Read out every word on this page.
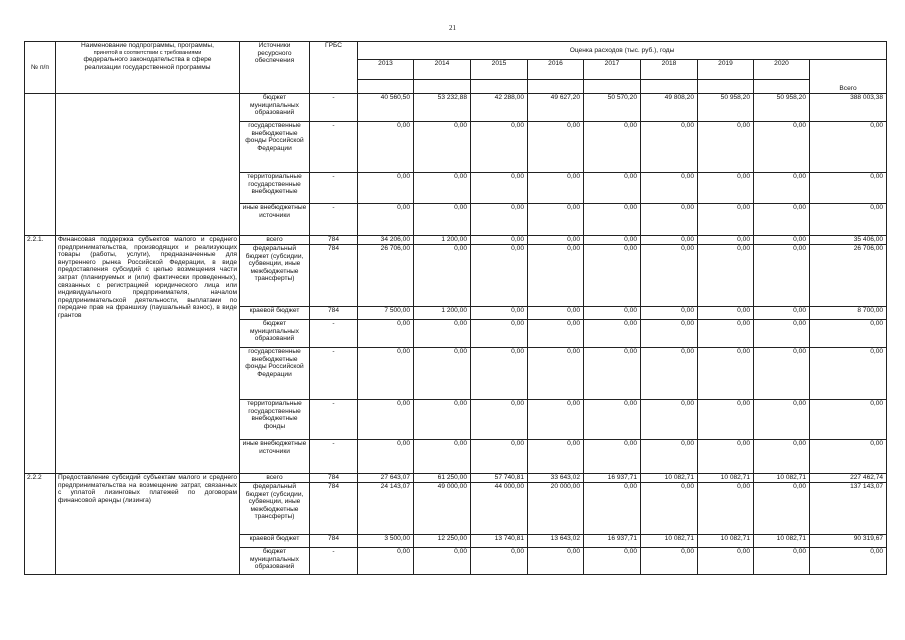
21
№ п/п	Наименование подпрограммы, программы,
принятой в соответствии с требованиями
федерального законодательства в сфере
реализации государственной программы	Источники ресурсного обеспечения	ГРБС	Оценка расходов (тыс. руб.), годы								
				2013	2014	2015	2016	2017	2018	2019	2020	Всего

		бюджет муниципальных образований	-	40 560,50	53 232,88	42 288,00	49 627,20	50 570,20	49 808,20	50 958,20	50 958,20	388 003,38
		государственные внебюджетные фонды Российской Федерации	-	0,00	0,00	0,00	0,00	0,00	0,00	0,00	0,00	0,00
		территориальные государственные внебюджетные	-	0,00	0,00	0,00	0,00	0,00	0,00	0,00	0,00	0,00
		иные внебюджетные источники	-	0,00	0,00	0,00	0,00	0,00	0,00	0,00	0,00	0,00
2.2.1.	Финансовая поддержка субъектов малого и среднего предпринимательства, производящих и реализующих товары (работы, услуги), предназначенные для внутреннего рынка Российской Федерации, в виде предоставления субсидий с целью возмещения части затрат (планируемых и (или) фактически проведенных), связанных с регистрацией юридического лица или индивидуального предпринимателя, началом предпринимательской деятельности, выплатами по передаче прав на франшизу (паушальный взнос), в виде грантов	всего	784	34 206,00	1 200,00	0,00	0,00	0,00	0,00	0,00	0,00	35 406,00
		федеральный бюджет (субсидии, субвенции, иные межбюджетные трансферты)	784	26 706,00	0,00	0,00	0,00	0,00	0,00	0,00	0,00	26 706,00
		краевой бюджет	784	7 500,00	1 200,00	0,00	0,00	0,00	0,00	0,00	0,00	8 700,00
		бюджет муниципальных образований	-	0,00	0,00	0,00	0,00	0,00	0,00	0,00	0,00	0,00
		государственные внебюджетные фонды Российской Федерации	-	0,00	0,00	0,00	0,00	0,00	0,00	0,00	0,00	0,00
		территориальные государственные внебюджетные фонды	-	0,00	0,00	0,00	0,00	0,00	0,00	0,00	0,00	0,00
		иные внебюджетные источники	-	0,00	0,00	0,00	0,00	0,00	0,00	0,00	0,00	0,00
2.2.2	Предоставление субсидий субъектам малого и среднего предпринимательства на возмещение затрат, связанных с уплатой лизинговых платежей по договорам финансовой аренды (лизинга)	всего	784	27 643,07	61 250,00	57 740,81	33 643,02	16 937,71	10 082,71	10 082,71	10 082,71	227 462,74
		федеральный бюджет (субсидии, субвенции, иные межбюджетные трансферты)	784	24 143,07	49 000,00	44 000,00	20 000,00	0,00	0,00	0,00	0,00	137 143,07
		краевой бюджет	784	3 500,00	12 250,00	13 740,81	13 643,02	16 937,71	10 082,71	10 082,71	10 082,71	90 319,67
		бюджет муниципальных образований	-	0,00	0,00	0,00	0,00	0,00	0,00	0,00	0,00	0,00
